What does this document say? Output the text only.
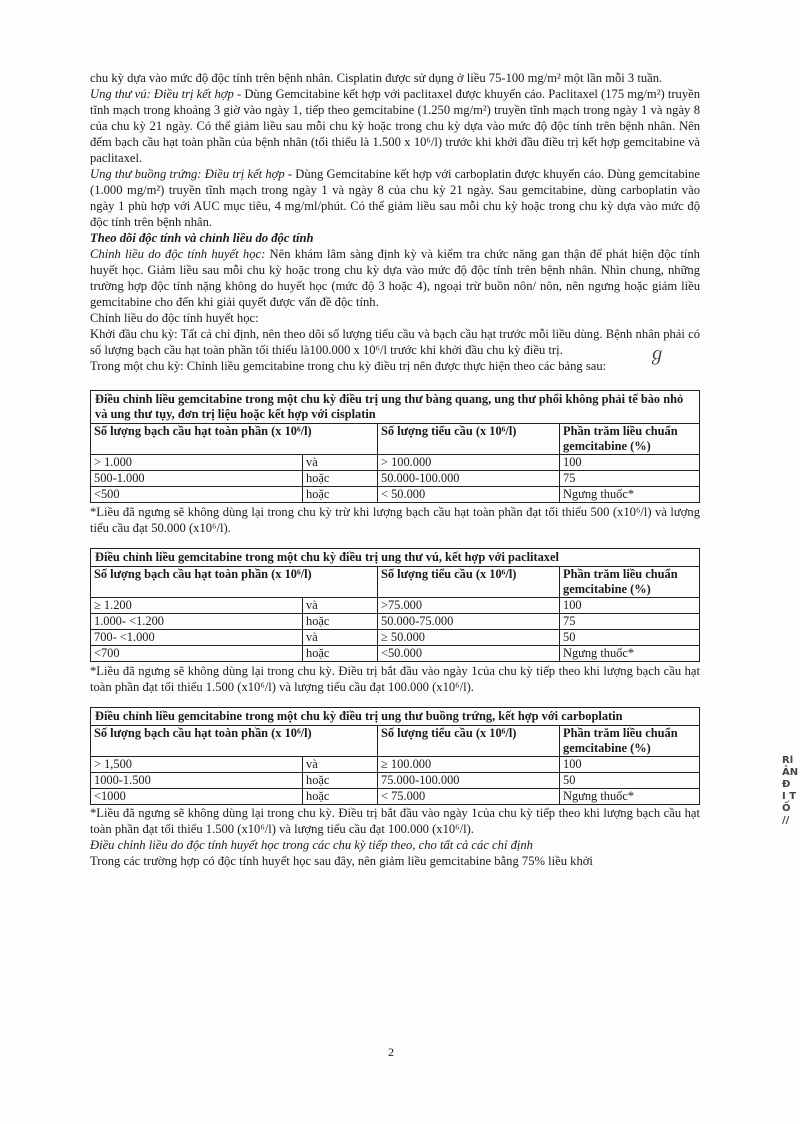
chu kỳ dựa vào mức độ độc tính trên bệnh nhân. Cisplatin được sử dụng ở liều 75-100 mg/m² một lần mỗi 3 tuần.

Ung thư vú: Điều trị kết hợp - Dùng Gemcitabine kết hợp với paclitaxel được khuyến cáo. Paclitaxel (175 mg/m²) truyền tĩnh mạch trong khoảng 3 giờ vào ngày 1, tiếp theo gemcitabine (1.250 mg/m²) truyền tĩnh mạch trong ngày 1 và ngày 8 của chu kỳ 21 ngày. Có thể giảm liều sau mỗi chu kỳ hoặc trong chu kỳ dựa vào mức độ độc tính trên bệnh nhân. Nên đếm bạch cầu hạt toàn phần của bệnh nhân (tối thiểu là 1.500 x 10⁶/l) trước khi khởi đầu điều trị kết hợp gemcitabine và paclitaxel.

Ung thư buồng trứng: Điều trị kết hợp - Dùng Gemcitabine kết hợp với carboplatin được khuyến cáo. Dùng gemcitabine (1.000 mg/m²) truyền tĩnh mạch trong ngày 1 và ngày 8 của chu kỳ 21 ngày. Sau gemcitabine, dùng carboplatin vào ngày 1 phù hợp với AUC mục tiêu, 4 mg/ml/phút. Có thể giảm liều sau mỗi chu kỳ hoặc trong chu kỳ dựa vào mức độ độc tính trên bệnh nhân.

Theo dõi độc tính và chỉnh liều do độc tính

Chỉnh liều do độc tính huyết học: Nên khám lâm sàng định kỳ và kiểm tra chức năng gan thận để phát hiện độc tính huyết học. Giảm liều sau mỗi chu kỳ hoặc trong chu kỳ dựa vào mức độ độc tính trên bệnh nhân. Nhìn chung, những trường hợp độc tính nặng không do huyết học (mức độ 3 hoặc 4), ngoại trừ buồn nôn/ nôn, nên ngưng hoặc giảm liều gemcitabine cho đến khi giải quyết được vấn đề độc tính.

Chỉnh liều do độc tính huyết học:

Khởi đầu chu kỳ: Tất cả chỉ định, nên theo dõi số lượng tiểu cầu và bạch cầu hạt trước mỗi liều dùng. Bệnh nhân phải có số lượng bạch cầu hạt toàn phần tối thiểu là100.000 x 10⁶/l trước khi khởi đầu chu kỳ điều trị.

Trong một chu kỳ: Chỉnh liều gemcitabine trong chu kỳ điều trị nên được thực hiện theo các bảng sau:

Điều chỉnh liều gemcitabine trong một chu kỳ điều trị ung thư bàng quang, ung thư phổi không phải tế bào nhỏ và ung thư tụy, đơn trị liệu hoặc kết hợp với cisplatin			
Số lượng bạch cầu hạt toàn phần (x 10⁶/l)		Số lượng tiểu cầu (x 10⁶/l)	Phần trăm liều chuẩn gemcitabine (%)
> 1.000	và	> 100.000	100
500-1.000	hoặc	50.000-100.000	75
<500	hoặc	< 50.000	Ngưng thuốc*

*Liều đã ngưng sẽ không dùng lại trong chu kỳ trừ khi lượng bạch cầu hạt toàn phần đạt tối thiểu 500 (x10⁶/l) và lượng tiểu cầu đạt 50.000 (x10⁶/l).

Điều chỉnh liều gemcitabine trong một chu kỳ điều trị ung thư vú, kết hợp với paclitaxel			
Số lượng bạch cầu hạt toàn phần (x 10⁶/l)		Số lượng tiểu cầu (x 10⁶/l)	Phần trăm liều chuẩn gemcitabine (%)
≥ 1.200	và	>75.000	100
1.000- <1.200	hoặc	50.000-75.000	75
700- <1.000	và	≥ 50.000	50
<700	hoặc	<50.000	Ngưng thuốc*

*Liều đã ngưng sẽ không dùng lại trong chu kỳ. Điều trị bắt đầu vào ngày 1của chu kỳ tiếp theo khi lượng bạch cầu hạt toàn phần đạt tối thiểu 1.500 (x10⁶/l) và lượng tiểu cầu đạt 100.000 (x10⁶/l).

Điều chỉnh liều gemcitabine trong một chu kỳ điều trị ung thư buồng trứng, kết hợp với carboplatin			
Số lượng bạch cầu hạt toàn phần (x 10⁶/l)		Số lượng tiểu cầu (x 10⁶/l)	Phần trăm liều chuẩn gemcitabine (%)
> 1,500	và	≥ 100.000	100
1000-1.500	hoặc	75.000-100.000	50
<1000	hoặc	< 75.000	Ngưng thuốc*

*Liều đã ngưng sẽ không dùng lại trong chu kỳ. Điều trị bắt đầu vào ngày 1của chu kỳ tiếp theo khi lượng bạch cầu hạt toàn phần đạt tối thiểu 1.500 (x10⁶/l) và lượng tiểu cầu đạt 100.000 (x10⁶/l).

Điều chỉnh liều do độc tính huyết học trong các chu kỳ tiếp theo, cho tất cả các chỉ định

Trong các trường hợp có độc tính huyết học sau đây, nên giảm liều gemcitabine bằng 75% liều khởi

ℊ
Rl
ẢN
Đ
I T
Ố
//
2
